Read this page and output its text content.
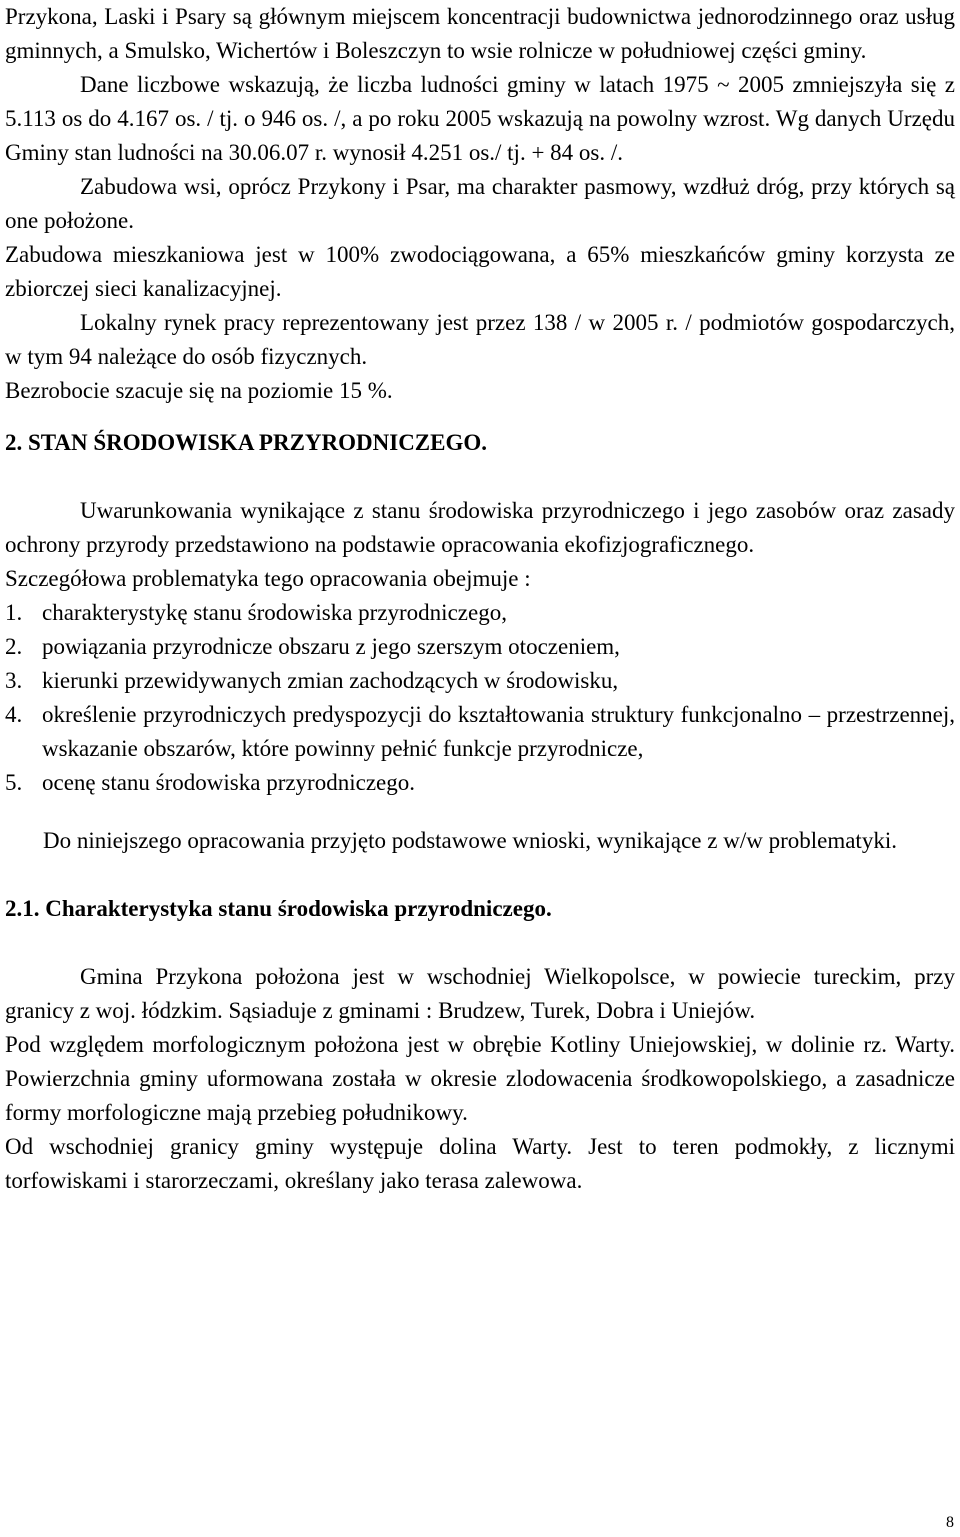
Przykona, Laski i Psary są głównym miejscem koncentracji budownictwa jednorodzinnego oraz usług gminnych, a Smulsko, Wichertów i Boleszczyn to wsie rolnicze w południowej części gminy.

Dane liczbowe wskazują, że liczba ludności gminy w latach 1975 ~ 2005 zmniejszyła się z 5.113 os do 4.167 os. / tj. o 946 os. /, a po roku 2005 wskazują na powolny wzrost. Wg danych Urzędu Gminy stan ludności na 30.06.07 r. wynosił 4.251 os./ tj. + 84 os. /.

Zabudowa wsi, oprócz Przykony i Psar, ma charakter pasmowy, wzdłuż dróg, przy których są one położone.

Zabudowa mieszkaniowa jest w 100% zwodociągowana, a 65% mieszkańców gminy korzysta ze zbiorczej sieci kanalizacyjnej.

Lokalny rynek pracy reprezentowany jest przez 138 / w 2005 r. / podmiotów gospodarczych, w tym 94 należące do osób fizycznych.

Bezrobocie szacuje się na poziomie 15 %.

2. STAN ŚRODOWISKA PRZYRODNICZEGO.

Uwarunkowania wynikające z stanu środowiska przyrodniczego i jego zasobów oraz zasady ochrony przyrody przedstawiono na podstawie opracowania ekofizjograficznego.

Szczegółowa problematyka tego opracowania obejmuje :

1. charakterystykę stanu środowiska przyrodniczego,
2. powiązania przyrodnicze obszaru z jego szerszym otoczeniem,
3. kierunki przewidywanych zmian zachodzących w środowisku,
4. określenie przyrodniczych predyspozycji do kształtowania struktury funkcjonalno – przestrzennej, wskazanie obszarów, które powinny pełnić funkcje przyrodnicze,
5. ocenę stanu środowiska przyrodniczego.

Do niniejszego opracowania przyjęto podstawowe wnioski, wynikające z w/w problematyki.

2.1. Charakterystyka stanu środowiska przyrodniczego.

Gmina Przykona położona jest w wschodniej Wielkopolsce, w powiecie tureckim, przy granicy z woj. łódzkim. Sąsiaduje z gminami : Brudzew, Turek, Dobra i Uniejów.

Pod względem morfologicznym położona jest w obrębie Kotliny Uniejowskiej, w dolinie rz. Warty. Powierzchnia gminy uformowana została w okresie zlodowacenia środkowopolskiego, a zasadnicze formy morfologiczne mają przebieg południkowy.

Od wschodniej granicy gminy występuje dolina Warty. Jest to teren podmokły, z licznymi torfowiskami i starorzeczami, określany jako terasa zalewowa.

8
